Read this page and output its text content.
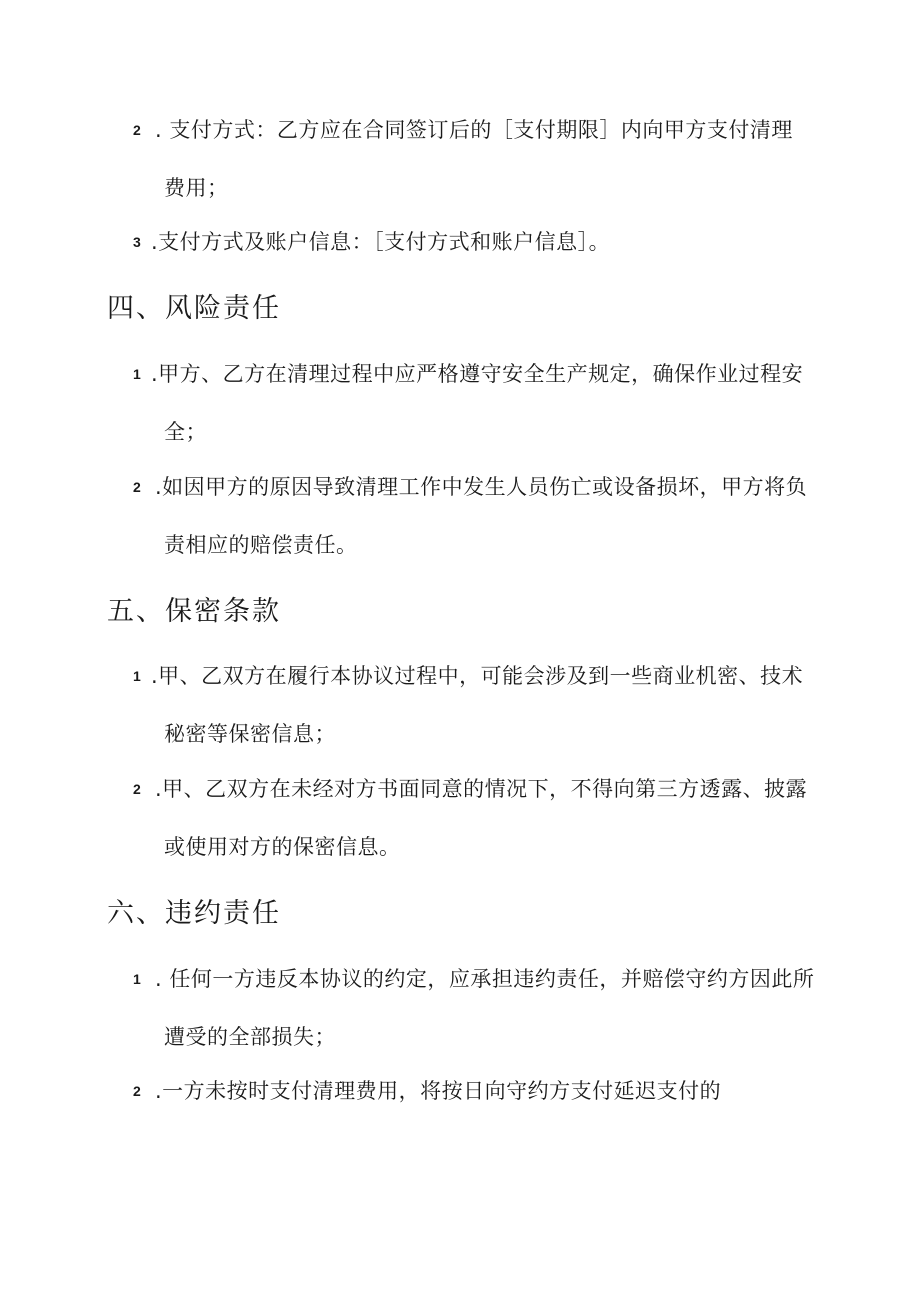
2 . 支付方式：乙方应在合同签订后的［支付期限］内向甲方支付清理
费用；
3 .支付方式及账户信息：［支付方式和账户信息］。
四、风险责任
1 .甲方、乙方在清理过程中应严格遵守安全生产规定，确保作业过程安
全；
2 .如因甲方的原因导致清理工作中发生人员伤亡或设备损坏，甲方将负
责相应的赔偿责任。
五、保密条款
1 .甲、乙双方在履行本协议过程中，可能会涉及到一些商业机密、技术
秘密等保密信息；
2 .甲、乙双方在未经对方书面同意的情况下，不得向第三方透露、披露
或使用对方的保密信息。
六、违约责任
1 . 任何一方违反本协议的约定，应承担违约责任，并赔偿守约方因此所
遭受的全部损失；
2 .一方未按时支付清理费用，将按日向守约方支付延迟支付的
